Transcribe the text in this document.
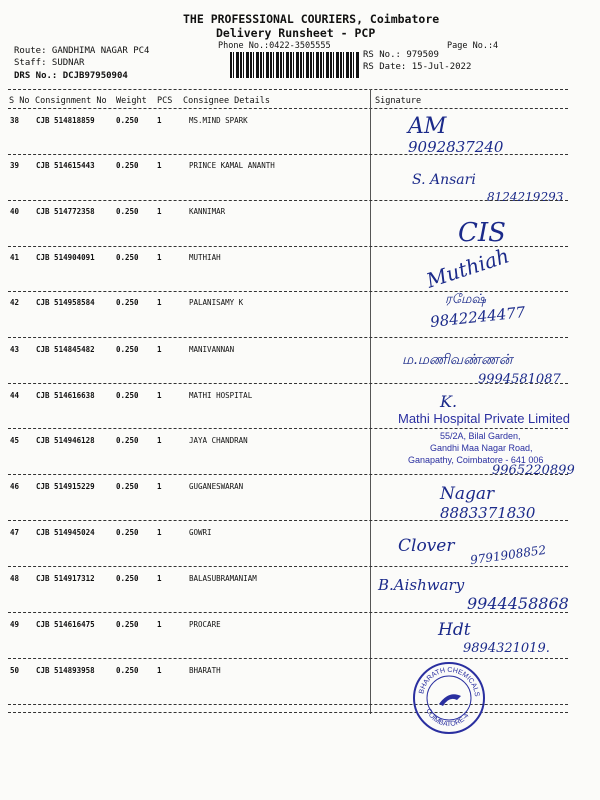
THE PROFESSIONAL COURIERS, Coimbatore
Delivery Runsheet - PCP
Phone No.:0422-3505555	Page No.:4
Route: GANDHIMA NAGAR PC4
Staff: SUDNAR
DRS No.: DCJB97950904
RS No.: 979509
RS Date: 15-Jul-2022
S No Consignment No Weight PCS Consignee Details	Signature
38 CJB 514818859	0.250 1	MS.MIND SPARK	AM
9092837240
39 CJB 514615443	0.250 1	PRINCE KAMAL ANANTH
S. Ansari
8124219293
40 CJB 514772358	0.250 1	KANNIMAR
CIS
41 CJB 514904091	0.250 1	MUTHIAH	Muthiah
42 CJB 514958584	0.250 1	PALANISAMY K	ரமேஷ்
9842244477
43 CJB 514845482	0.250 1	MANIVANNAN
ம.மணிவண்ணன்
9994581087
44 CJB 514616638	0.250 1	MATHI HOSPITAL	K.
Mathi Hospital Private Limited
55/2A, Bilal Garden,
Gandhi Maa Nagar Road,
Ganapathy, Coimbatore - 641 006
45 CJB 514946128	0.250 1	JAYA CHANDRAN
9965220899
46 CJB 514915229	0.250 1	GUGANESWARAN	Nagar
8883371830
47 CJB 514945024	0.250 1	GOWRI
Clover 9791908852
48 CJB 514917312	0.250 1	BALASUBRAMANIAM	B.Aishwary
9944458868
49 CJB 514616475	0.250 1	PROCARE	Hdt
9894321019.
50 CJB 514893958	0.250 1	BHARATH
BHARATH CHEMICALS
COIMBATORE-4
